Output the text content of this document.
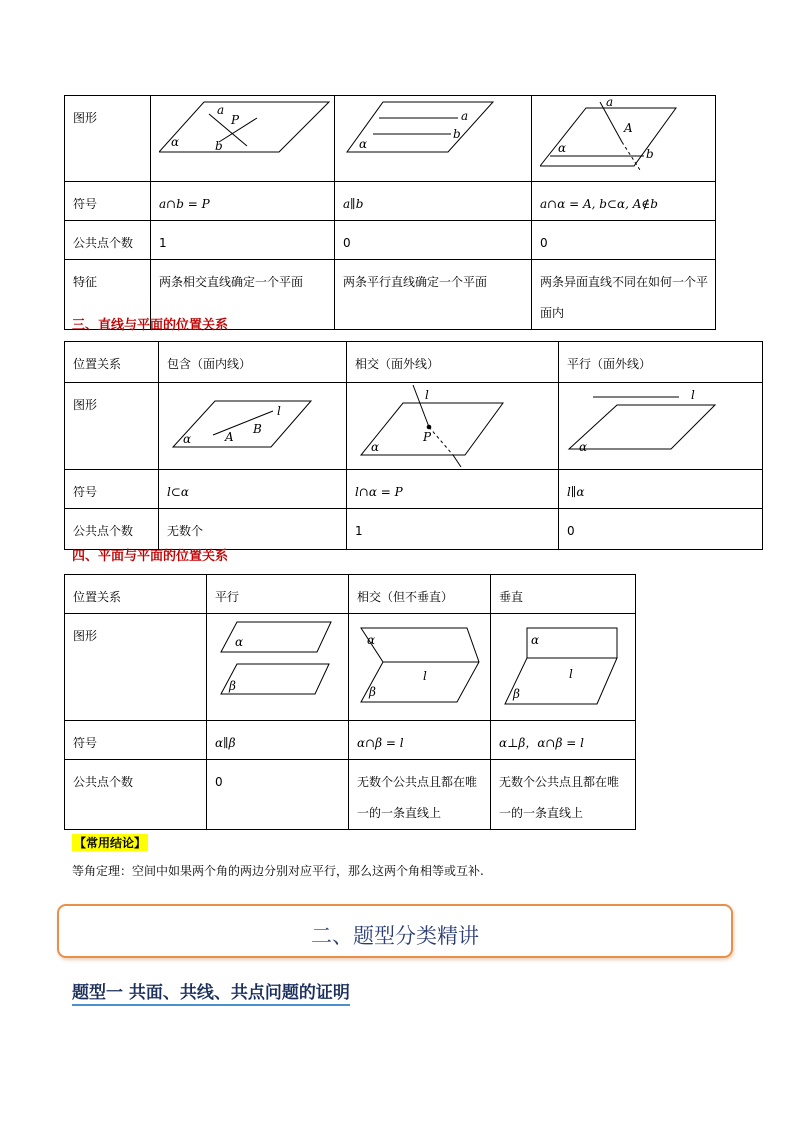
图形	a
P
b
α	a
b
α	a
A
b
α

符号	a∩b = P	a∥b	a∩α = A, b⊂α, A∉b
公共点个数	1	0	0
特征	两条相交直线确定一个平面	两条平行直线确定一个平面	两条异面直线不同在如何一个平面内
三、直线与平面的位置关系
位置关系	包含（面内线）	相交（面外线）	平行（面外线）
图形	l
A
B
α	l
P
α	l
α

符号	l⊂α	l∩α = P	l∥α
公共点个数	无数个	1	0
四、平面与平面的位置关系
位置关系	平行	相交（但不垂直）	垂直
图形	α
β	α
β
l	α
β
l

符号	α∥β	α∩β = l	α⊥β，α∩β = l
公共点个数	0	无数个公共点且都在唯一的一条直线上	无数个公共点且都在唯一的一条直线上
【常用结论】
等角定理：空间中如果两个角的两边分别对应平行，那么这两个角相等或互补.
二、题型分类精讲
题型一 共面、共线、共点问题的证明
